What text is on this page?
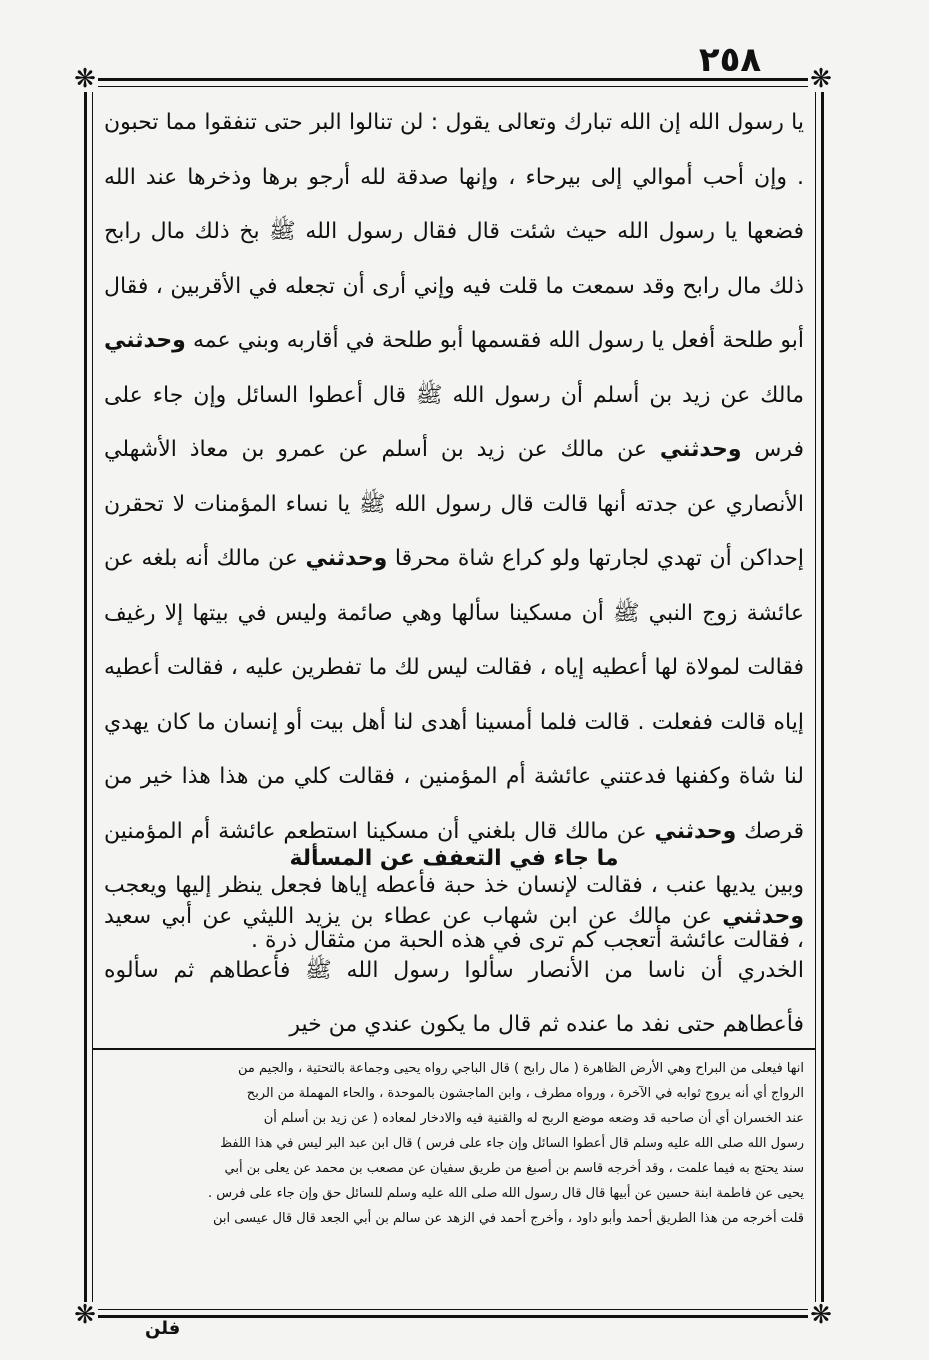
٢٥٨
❋	❋
❋	❋

يا رسول الله إن الله تبارك وتعالى يقول : لن تنالوا البر حتى تنفقوا مما تحبون . وإن أحب أموالي إلى بيرحاء ، وإنها صدقة لله أرجو برها وذخرها عند الله فضعها يا رسول الله حيث شئت قال فقال رسول الله ﷺ بخ ذلك مال رابح ذلك مال رابح وقد سمعت ما قلت فيه وإني أرى أن تجعله في الأقربين ، فقال أبو طلحة أفعل يا رسول الله فقسمها أبو طلحة في أقاربه وبني عمه وحدثني مالك عن زيد بن أسلم أن رسول الله ﷺ قال أعطوا السائل وإن جاء على فرس وحدثني عن مالك عن زيد بن أسلم عن عمرو بن معاذ الأشهلي الأنصاري عن جدته أنها قالت قال رسول الله ﷺ يا نساء المؤمنات لا تحقرن إحداكن أن تهدي لجارتها ولو كراع شاة محرقا وحدثني عن مالك أنه بلغه عن عائشة زوج النبي ﷺ أن مسكينا سألها وهي صائمة وليس في بيتها إلا رغيف فقالت لمولاة لها أعطيه إياه ، فقالت ليس لك ما تفطرين عليه ، فقالت أعطيه إياه قالت ففعلت . قالت فلما أمسينا أهدى لنا أهل بيت أو إنسان ما كان يهدي لنا شاة وكفنها فدعتني عائشة أم المؤمنين ، فقالت كلي من هذا هذا خير من قرصك وحدثني عن مالك قال بلغني أن مسكينا استطعم عائشة أم المؤمنين وبين يديها عنب ، فقالت لإنسان خذ حبة فأعطه إياها فجعل ينظر إليها ويعجب ، فقالت عائشة أتعجب كم ترى في هذه الحبة من مثقال ذرة .

ما جاء في التعفف عن المسألة

وحدثني عن مالك عن ابن شهاب عن عطاء بن يزيد الليثي عن أبي سعيد الخدري أن ناسا من الأنصار سألوا رسول الله ﷺ فأعطاهم ثم سألوه فأعطاهم حتى نفد ما عنده ثم قال ما يكون عندي من خير

انها فيعلى من البراح وهي الأرض الظاهرة ( مال رابح ) قال الباجي رواه يحيى وجماعة بالتحتية ، والجيم من

الرواج أي أنه يروج ثوابه في الآخرة ، ورواه مطرف ، وابن الماجشون بالموحدة ، والحاء المهملة من الربح

عند الخسران أي أن صاحبه قد وضعه موضع الربح له والقنية فيه والادخار لمعاده ( عن زيد بن أسلم أن

رسول الله صلى الله عليه وسلم قال أعطوا السائل وإن جاء على فرس ) قال ابن عبد البر ليس في هذا اللفظ

سند يحتج به فيما علمت ، وقد أخرجه قاسم بن أصبغ من طريق سفيان عن مصعب بن محمد عن يعلى بن أبي

يحيى عن فاطمة ابنة حسين عن أبيها قال قال رسول الله صلى الله عليه وسلم للسائل حق وإن جاء على فرس .

قلت أخرجه من هذا الطريق أحمد وأبو داود ، وأخرج أحمد في الزهد عن سالم بن أبي الجعد قال قال عيسى ابن

فلن
